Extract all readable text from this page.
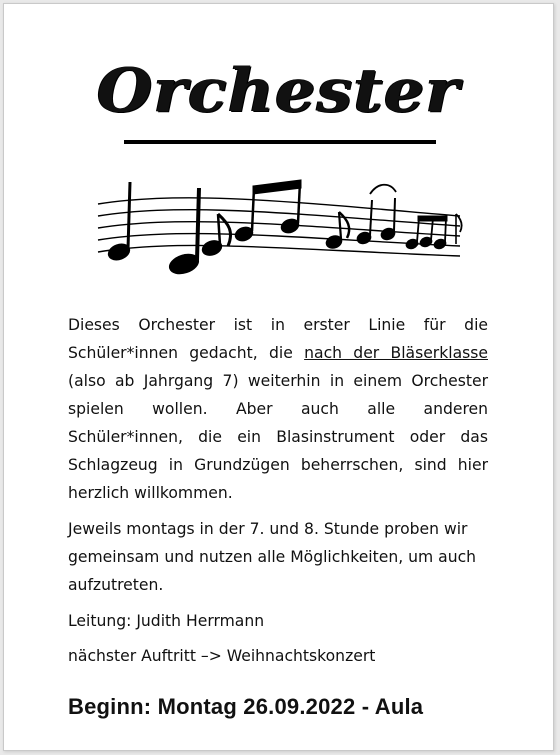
Orchester

Dieses Orchester ist in erster Linie für die Schüler*innen gedacht, die nach der Bläserklasse (also ab Jahrgang 7) weiterhin in einem Orchester spielen wollen. Aber auch alle anderen Schüler*innen, die ein Blasinstrument oder das Schlagzeug in Grundzügen beherrschen, sind hier herzlich willkommen.

Jeweils montags in der 7. und 8. Stunde proben wir gemeinsam und nutzen alle Möglichkeiten, um auch aufzutreten.

Leitung: Judith Herrmann

nächster Auftritt –> Weihnachtskonzert

Beginn: Montag 26.09.2022 - Aula
